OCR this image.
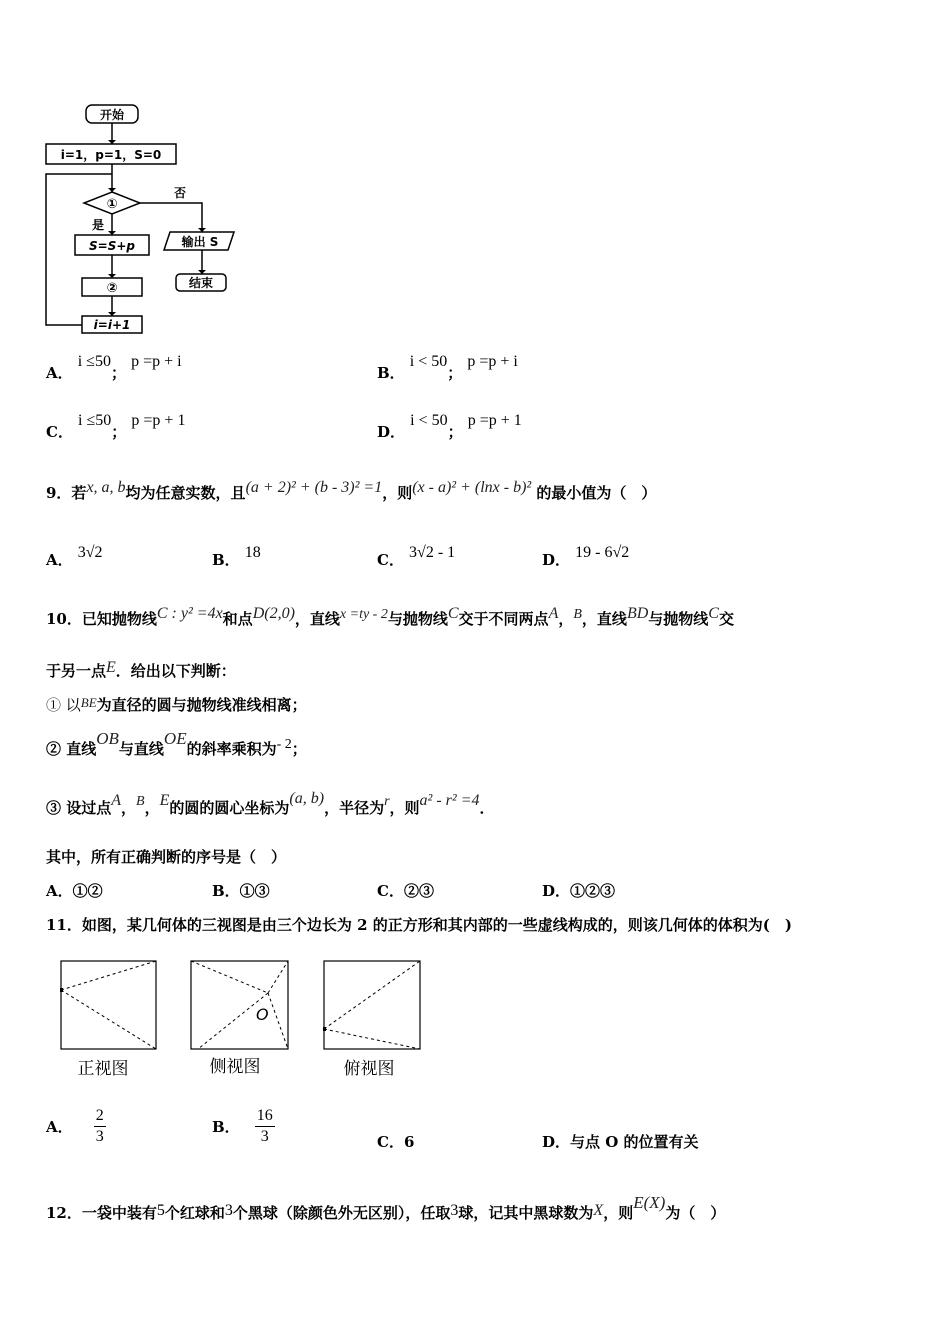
开始
i=1，p=1，S=0
①
否
是
S=S+p
②
i=i+1
输出 S
结束
A． i ≤50； p =p + i
B． i < 50； p =p + i
C． i ≤50； p =p + 1
D． i < 50； p =p + 1
9．若x, a, b均为任意实数，且(a + 2)² + (b - 3)² =1，则(x - a)² + (lnx - b)² 的最小值为（　）
A． 3√2	B． 18	C． 3√2 - 1	D． 19 - 6√2
10．已知抛物线C : y² =4x和点D(2,0)，直线x =ty - 2与抛物线C交于不同两点A，B，直线BD与抛物线C交
于另一点E．给出以下判断：
① 以BE为直径的圆与抛物线准线相离；
② 直线OB与直线OE的斜率乘积为- 2；
③ 设过点A，B，E的圆的圆心坐标为(a, b)，半径为r，则a² - r² =4．
其中，所有正确判断的序号是（　）
A．①②	B．①③	C．②③	D．①②③
11．如图，某几何体的三视图是由三个边长为 2 的正方形和其内部的一些虚线构成的，则该几何体的体积为(　)
O
正视图	侧视图	俯视图
A． $\frac{2}{3}$	B． $\frac{16}{3}$	C．6	D．与点 O 的位置有关
12．一袋中装有5个红球和3个黑球（除颜色外无区别），任取3球，记其中黑球数为X，则E(X)为（　）
